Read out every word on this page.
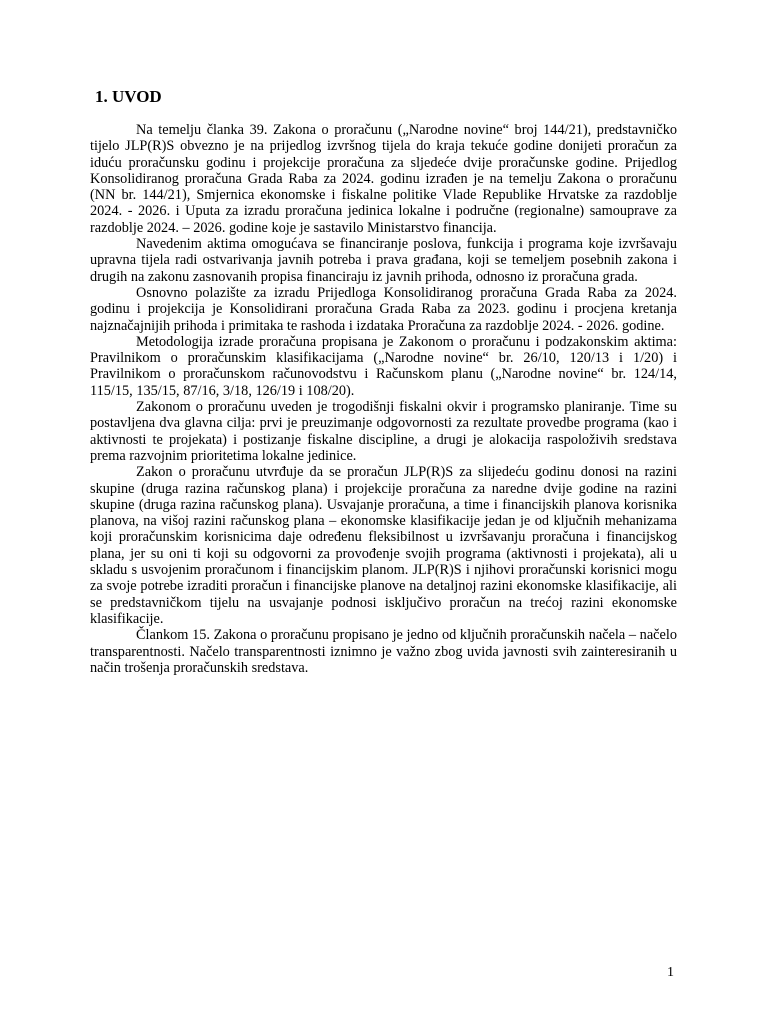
1. UVOD

Na temelju članka 39. Zakona o proračunu („Narodne novine“ broj 144/21), predstavničko tijelo JLP(R)S obvezno je na prijedlog izvršnog tijela do kraja tekuće godine donijeti proračun za iduću proračunsku godinu i projekcije proračuna za sljedeće dvije proračunske godine. Prijedlog Konsolidiranog proračuna Grada Raba za 2024. godinu izrađen je na temelju Zakona o proračunu (NN br. 144/21), Smjernica ekonomske i fiskalne politike Vlade Republike Hrvatske za razdoblje 2024. - 2026. i Uputa za izradu proračuna jedinica lokalne i područne (regionalne) samouprave za razdoblje 2024. – 2026. godine koje je sastavilo Ministarstvo financija.

Navedenim aktima omogućava se financiranje poslova, funkcija i programa koje izvršavaju upravna tijela radi ostvarivanja javnih potreba i prava građana, koji se temeljem posebnih zakona i drugih na zakonu zasnovanih propisa financiraju iz javnih prihoda, odnosno iz proračuna grada.

Osnovno polazište za izradu Prijedloga Konsolidiranog proračuna Grada Raba za 2024. godinu i projekcija je Konsolidirani proračuna Grada Raba za 2023. godinu i procjena kretanja najznačajnijih prihoda i primitaka te rashoda i izdataka Proračuna za razdoblje 2024. - 2026. godine.

Metodologija izrade proračuna propisana je Zakonom o proračunu i podzakonskim aktima: Pravilnikom o proračunskim klasifikacijama („Narodne novine“ br. 26/10, 120/13 i 1/20) i Pravilnikom o proračunskom računovodstvu i Računskom planu („Narodne novine“ br. 124/14, 115/15, 135/15, 87/16, 3/18, 126/19 i 108/20).

Zakonom o proračunu uveden je trogodišnji fiskalni okvir i programsko planiranje. Time su postavljena dva glavna cilja: prvi je preuzimanje odgovornosti za rezultate provedbe programa (kao i aktivnosti te projekata) i postizanje fiskalne discipline, a drugi je alokacija raspoloživih sredstava prema razvojnim prioritetima lokalne jedinice.

Zakon o proračunu utvrđuje da se proračun JLP(R)S za slijedeću godinu donosi na razini skupine (druga razina računskog plana) i projekcije proračuna za naredne dvije godine na razini skupine (druga razina računskog plana). Usvajanje proračuna, a time i financijskih planova korisnika planova, na višoj razini računskog plana – ekonomske klasifikacije jedan je od ključnih mehanizama koji proračunskim korisnicima daje određenu fleksibilnost u izvršavanju proračuna i financijskog plana, jer su oni ti koji su odgovorni za provođenje svojih programa (aktivnosti i projekata), ali u skladu s usvojenim proračunom i financijskim planom. JLP(R)S i njihovi proračunski korisnici mogu za svoje potrebe izraditi proračun i financijske planove na detaljnoj razini ekonomske klasifikacije, ali se predstavničkom tijelu na usvajanje podnosi isključivo proračun na trećoj razini ekonomske klasifikacije.

Člankom 15. Zakona o proračunu propisano je jedno od ključnih proračunskih načela – načelo transparentnosti. Načelo transparentnosti iznimno je važno zbog uvida javnosti svih zainteresiranih u način trošenja proračunskih sredstava.

1
